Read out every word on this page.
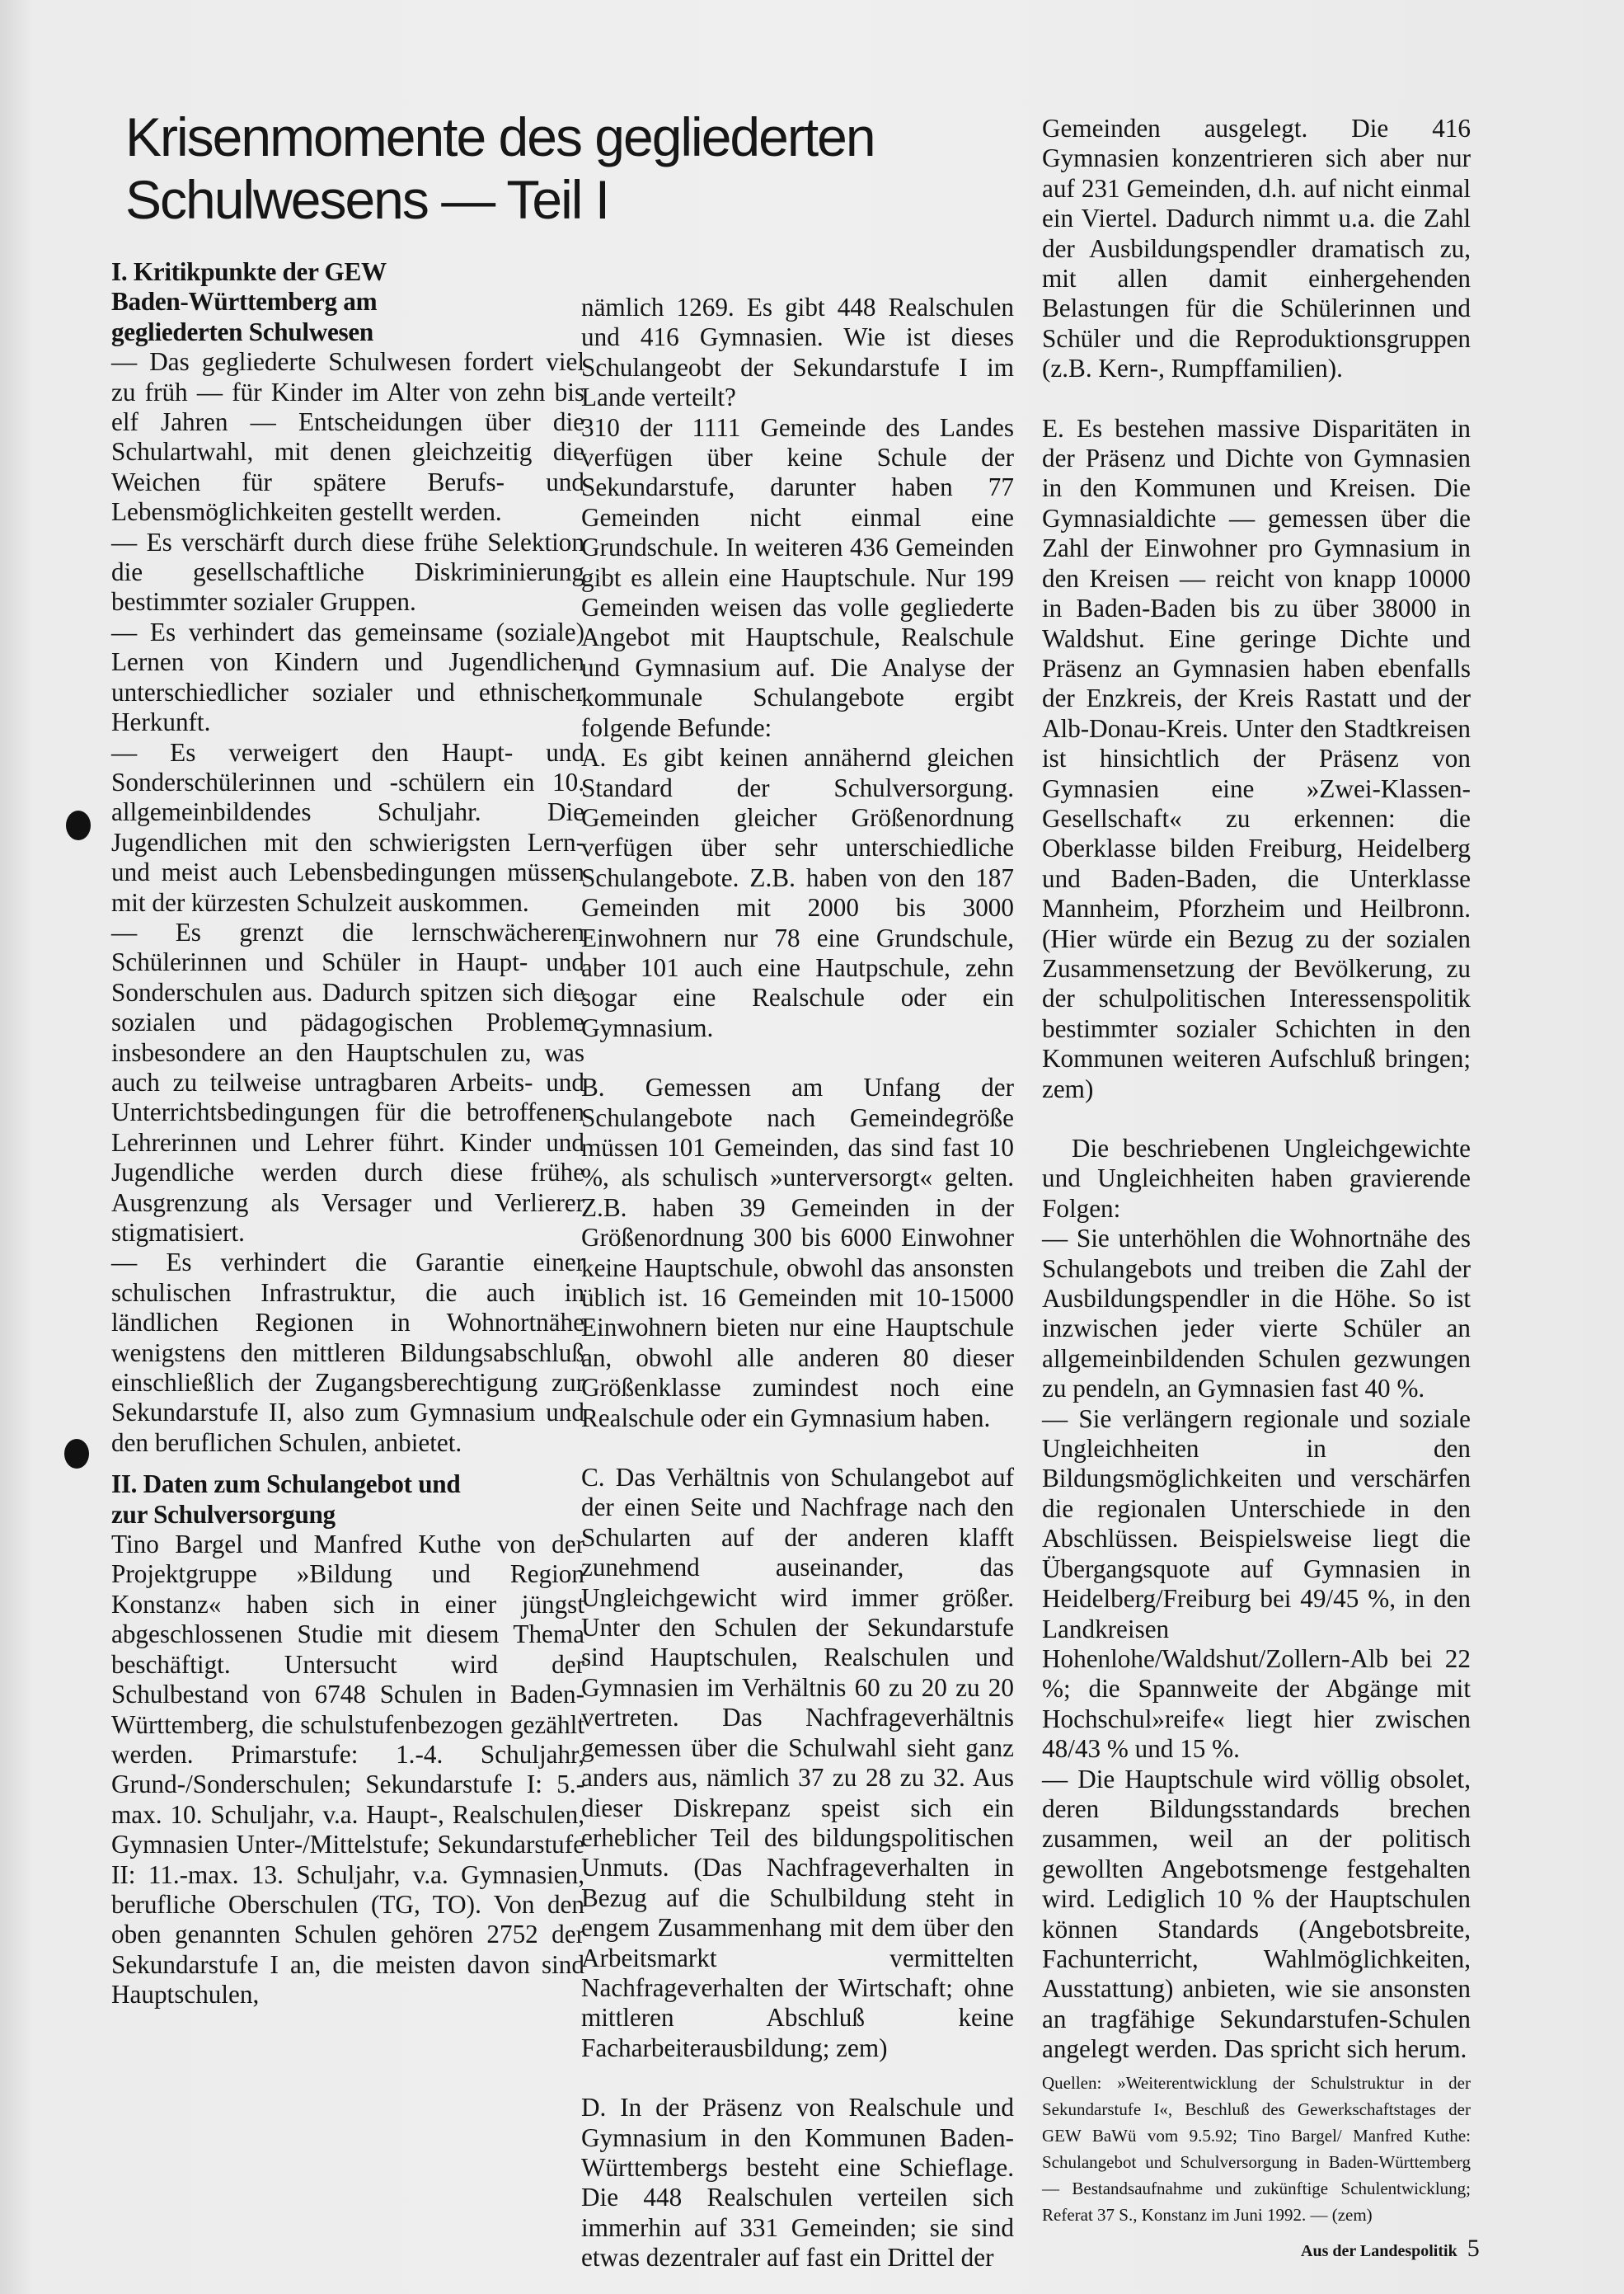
Krisenmomente des gegliederten
Schulwesens — Teil I
I. Kritikpunkte der GEW
Baden-Württemberg am
gegliederten Schulwesen

— Das gegliederte Schulwesen fordert viel zu früh — für Kinder im Alter von zehn bis elf Jahren — Entscheidungen über die Schulartwahl, mit denen gleichzeitig die Weichen für spätere Berufs- und Lebensmöglichkeiten gestellt werden.

— Es verschärft durch diese frühe Selektion die gesellschaftliche Diskriminierung bestimmter sozialer Gruppen.

— Es verhindert das gemeinsame (soziale) Lernen von Kindern und Jugendlichen unterschiedlicher sozialer und ethnischer Herkunft.

— Es verweigert den Haupt- und Sonderschülerinnen und -schülern ein 10. allgemeinbildendes Schuljahr. Die Jugendlichen mit den schwierigsten Lern- und meist auch Lebensbedingungen müssen mit der kürzesten Schulzeit auskommen.

— Es grenzt die lernschwächeren Schülerinnen und Schüler in Haupt- und Sonderschulen aus. Dadurch spitzen sich die sozialen und pädagogischen Probleme insbesondere an den Hauptschulen zu, was auch zu teilweise untragbaren Arbeits- und Unterrichtsbedingungen für die betroffenen Lehrerinnen und Lehrer führt. Kinder und Jugendliche werden durch diese frühe Ausgrenzung als Versager und Verlierer stigmatisiert.

— Es verhindert die Garantie einer schulischen Infrastruktur, die auch in ländlichen Regionen in Wohnortnähe wenigstens den mittleren Bildungsabschluß einschließlich der Zugangsberechtigung zur Sekundarstufe II, also zum Gymnasium und den beruflichen Schulen, anbietet.

II. Daten zum Schulangebot und
zur Schulversorgung

Tino Bargel und Manfred Kuthe von der Projektgruppe »Bildung und Region Konstanz« haben sich in einer jüngst abgeschlossenen Studie mit diesem Thema beschäftigt. Untersucht wird der Schulbestand von 6748 Schulen in Baden-Württemberg, die schulstufenbezogen gezählt werden. Primarstufe: 1.-4. Schuljahr, Grund-/Sonderschulen; Sekundarstufe I: 5.-max. 10. Schuljahr, v.a. Haupt-, Realschulen, Gymnasien Unter-/Mittelstufe; Sekundarstufe II: 11.-max. 13. Schuljahr, v.a. Gymnasien, berufliche Oberschulen (TG, TO). Von den oben genannten Schulen gehören 2752 der Sekundarstufe I an, die meisten davon sind Hauptschulen,

nämlich 1269. Es gibt 448 Realschulen und 416 Gymnasien. Wie ist dieses Schulangeobt der Sekundarstufe I im Lande verteilt?

310 der 1111 Gemeinde des Landes verfügen über keine Schule der Sekundarstufe, darunter haben 77 Gemeinden nicht einmal eine Grundschule. In weiteren 436 Gemeinden gibt es allein eine Hauptschule. Nur 199 Gemeinden weisen das volle gegliederte Angebot mit Hauptschule, Realschule und Gymnasium auf. Die Analyse der kommunale Schulangebote ergibt folgende Befunde:

A. Es gibt keinen annähernd gleichen Standard der Schulversorgung. Gemeinden gleicher Größenordnung verfügen über sehr unterschiedliche Schulangebote. Z.B. haben von den 187 Gemeinden mit 2000 bis 3000 Einwohnern nur 78 eine Grundschule, aber 101 auch eine Hautpschule, zehn sogar eine Realschule oder ein Gymnasium.

B. Gemessen am Unfang der Schulangebote nach Gemeindegröße müssen 101 Gemeinden, das sind fast 10 %, als schulisch »unterversorgt« gelten. Z.B. haben 39 Gemeinden in der Größenordnung 300 bis 6000 Einwohner keine Hauptschule, obwohl das ansonsten üblich ist. 16 Gemeinden mit 10-15000 Einwohnern bieten nur eine Hauptschule an, obwohl alle anderen 80 dieser Größenklasse zumindest noch eine Realschule oder ein Gymnasium haben.

C. Das Verhältnis von Schulangebot auf der einen Seite und Nachfrage nach den Schularten auf der anderen klafft zunehmend auseinander, das Ungleichgewicht wird immer größer. Unter den Schulen der Sekundarstufe sind Hauptschulen, Realschulen und Gymnasien im Verhältnis 60 zu 20 zu 20 vertreten. Das Nachfrageverhältnis gemessen über die Schulwahl sieht ganz anders aus, nämlich 37 zu 28 zu 32. Aus dieser Diskrepanz speist sich ein erheblicher Teil des bildungspolitischen Unmuts. (Das Nachfrageverhalten in Bezug auf die Schulbildung steht in engem Zusammenhang mit dem über den Arbeitsmarkt vermittelten Nachfrageverhalten der Wirtschaft; ohne mittleren Abschluß keine Facharbeiterausbildung; zem)

D. In der Präsenz von Realschule und Gymnasium in den Kommunen Baden-Württembergs besteht eine Schieflage. Die 448 Realschulen verteilen sich immerhin auf 331 Gemeinden; sie sind etwas dezentraler auf fast ein Drittel der

Gemeinden ausgelegt. Die 416 Gymnasien konzentrieren sich aber nur auf 231 Gemeinden, d.h. auf nicht einmal ein Viertel. Dadurch nimmt u.a. die Zahl der Ausbildungspendler dramatisch zu, mit allen damit einhergehenden Belastungen für die Schülerinnen und Schüler und die Reproduktionsgruppen (z.B. Kern-, Rumpffamilien).

E. Es bestehen massive Disparitäten in der Präsenz und Dichte von Gymnasien in den Kommunen und Kreisen. Die Gymnasialdichte — gemessen über die Zahl der Einwohner pro Gymnasium in den Kreisen — reicht von knapp 10000 in Baden-Baden bis zu über 38000 in Waldshut. Eine geringe Dichte und Präsenz an Gymnasien haben ebenfalls der Enzkreis, der Kreis Rastatt und der Alb-Donau-Kreis. Unter den Stadtkreisen ist hinsichtlich der Präsenz von Gymnasien eine »Zwei-Klassen-Gesellschaft« zu erkennen: die Oberklasse bilden Freiburg, Heidelberg und Baden-Baden, die Unterklasse Mannheim, Pforzheim und Heilbronn. (Hier würde ein Bezug zu der sozialen Zusammensetzung der Bevölkerung, zu der schulpolitischen Interessenspolitik bestimmter sozialer Schichten in den Kommunen weiteren Aufschluß bringen; zem)

Die beschriebenen Ungleichgewichte und Ungleichheiten haben gravierende Folgen:

— Sie unterhöhlen die Wohnortnähe des Schulangebots und treiben die Zahl der Ausbildungspendler in die Höhe. So ist inzwischen jeder vierte Schüler an allgemeinbildenden Schulen gezwungen zu pendeln, an Gymnasien fast 40 %.

— Sie verlängern regionale und soziale Ungleichheiten in den Bildungsmöglichkeiten und verschärfen die regionalen Unterschiede in den Abschlüssen. Beispielsweise liegt die Übergangsquote auf Gymnasien in Heidelberg/Freiburg bei 49/45 %, in den Landkreisen Hohenlohe/Waldshut/Zollern-Alb bei 22 %; die Spannweite der Abgänge mit Hochschul»reife« liegt hier zwischen 48/43 % und 15 %.

— Die Hauptschule wird völlig obsolet, deren Bildungsstandards brechen zusammen, weil an der politisch gewollten Angebotsmenge festgehalten wird. Lediglich 10 % der Hauptschulen können Standards (Angebotsbreite, Fachunterricht, Wahlmöglichkeiten, Ausstattung) anbieten, wie sie ansonsten an tragfähige Sekundarstufen-Schulen angelegt werden. Das spricht sich herum.

Quellen: »Weiterentwicklung der Schulstruktur in der Sekundarstufe I«, Beschluß des Gewerkschaftstages der GEW BaWü vom 9.5.92; Tino Bargel/ Manfred Kuthe: Schulangebot und Schulversorgung in Baden-Württemberg — Bestandsaufnahme und zukünftige Schulentwicklung; Referat 37 S., Konstanz im Juni 1992. — (zem)

Aus der Landespolitik 5
